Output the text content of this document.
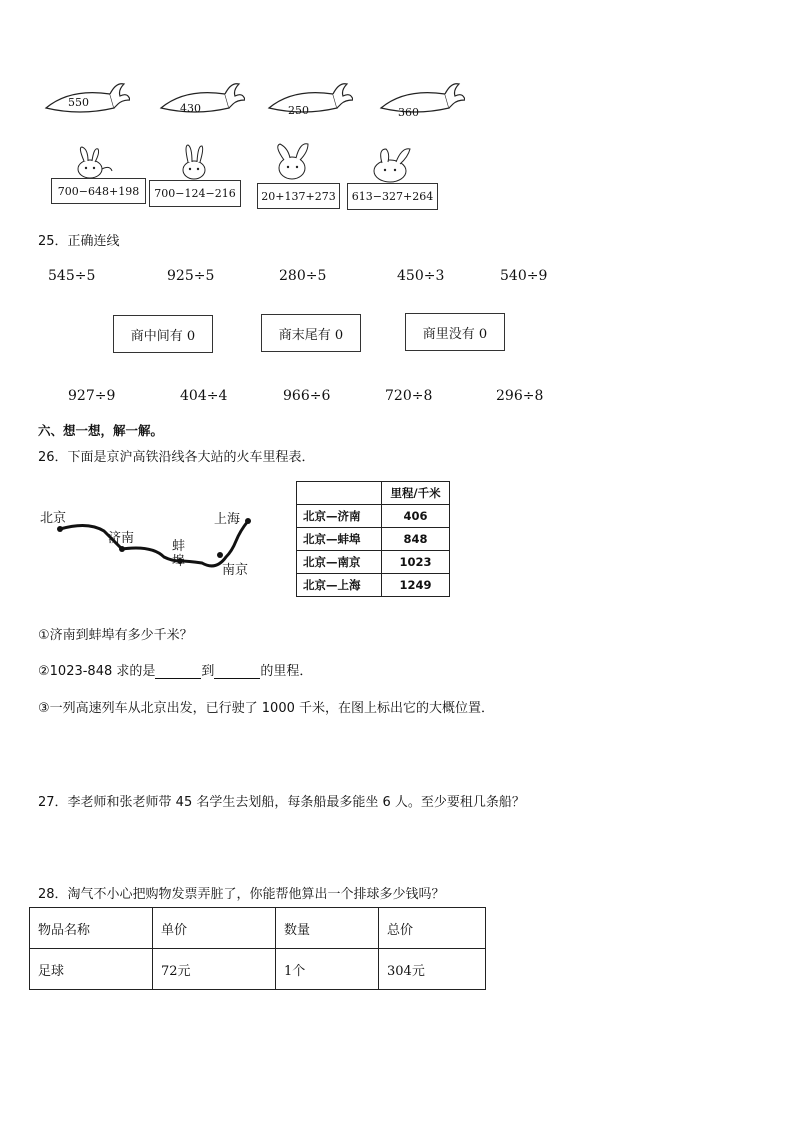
550	430	250	360
700−648+198 700−124−216 20+137+273 613−327+264
25．正确连线
545÷5	925÷5	280÷5	450÷3	540÷9
商中间有 0	商末尾有 0	商里没有 0
927÷9	404÷4	966÷6	720÷8	296÷8
六、想一想，解一解。
26．下面是京沪高铁沿线各大站的火车里程表．
北京
济南
蚌
埠
南京
上海
	里程/千米
北京—济南	406
北京—蚌埠	848
北京—南京	1023
北京—上海	1249
①济南到蚌埠有多少千米？
②1023-848 求的是	到	的里程．
③一列高速列车从北京出发，已行驶了 1000 千米，在图上标出它的大概位置．
27．李老师和张老师带 45 名学生去划船，每条船最多能坐 6 人。至少要租几条船？
28．淘气不小心把购物发票弄脏了，你能帮他算出一个排球多少钱吗？
物品名称	单价	数量	总价
足球	72元	1个	304元
